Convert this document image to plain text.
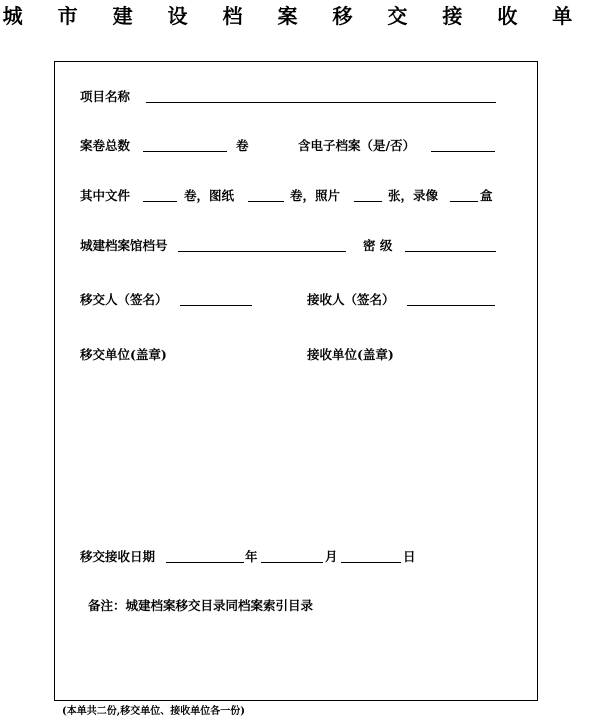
城 市 建 设 档 案 移 交 接 收 单
项目名称
案卷总数	卷	含电子档案（是/否）
其中文件	卷，图纸	卷，照片	张，录像	盒
城建档案馆档号	密 级
移交人（签名）	接收人（签名）
移交单位(盖章)	接收单位(盖章)
移交接收日期	年	月	日
备注：城建档案移交目录同档案索引目录
(本单共二份,移交单位、接收单位各一份)
